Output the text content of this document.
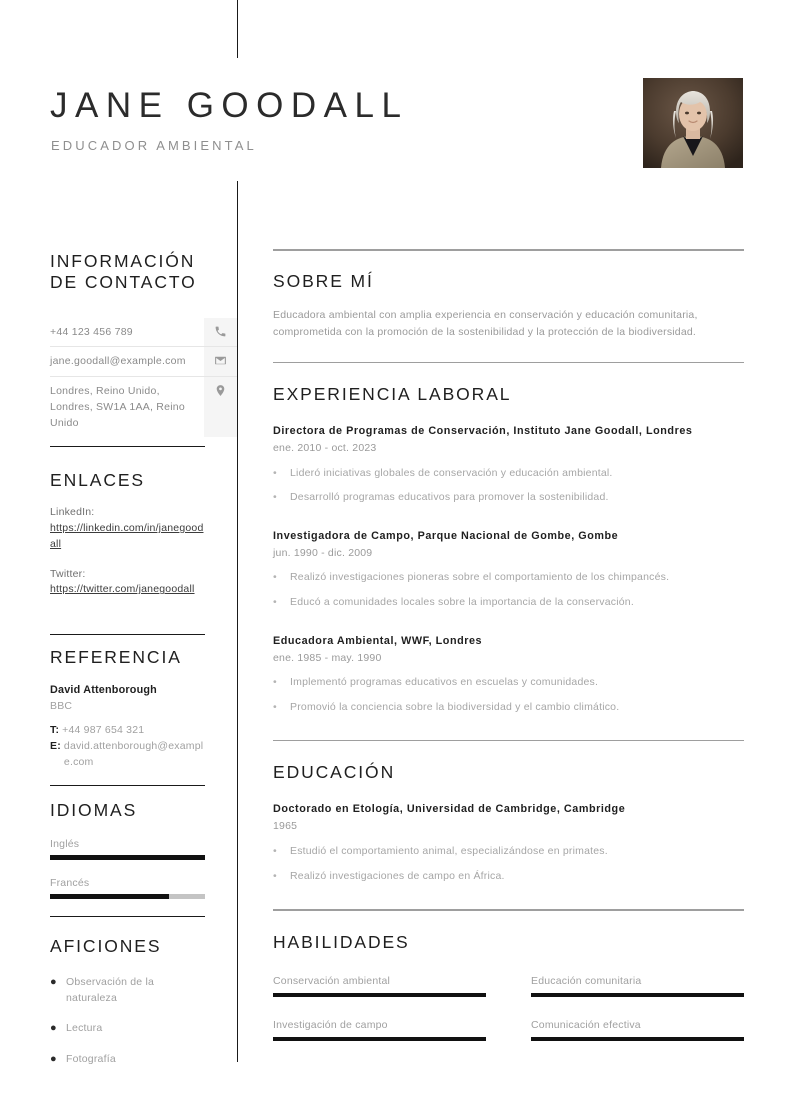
JANE GOODALL
EDUCADOR AMBIENTAL
INFORMACIÓN
DE CONTACTO
+44 123 456 789
jane.goodall@example.com
Londres, Reino Unido, Londres, SW1A 1AA, Reino Unido
ENLACES
LinkedIn:
https://linkedin.com/in/janegoodall
Twitter:
https://twitter.com/janegoodall
REFERENCIA
David Attenborough
BBC
T: +44 987 654 321
E: david.attenborough@example.com
IDIOMAS
Inglés
Francés
AFICIONES
● Observación de la naturaleza
● Lectura
● Fotografía
SOBRE MÍ
Educadora ambiental con amplia experiencia en conservación y educación comunitaria, comprometida con la promoción de la sostenibilidad y la protección de la biodiversidad.
EXPERIENCIA LABORAL
Directora de Programas de Conservación, Instituto Jane Goodall, Londres
ene. 2010 - oct. 2023
•	Lideró iniciativas globales de conservación y educación ambiental.
•	Desarrolló programas educativos para promover la sostenibilidad.
Investigadora de Campo, Parque Nacional de Gombe, Gombe
jun. 1990 - dic. 2009
•	Realizó investigaciones pioneras sobre el comportamiento de los chimpancés.
•	Educó a comunidades locales sobre la importancia de la conservación.
Educadora Ambiental, WWF, Londres
ene. 1985 - may. 1990
•	Implementó programas educativos en escuelas y comunidades.
•	Promovió la conciencia sobre la biodiversidad y el cambio climático.
EDUCACIÓN
Doctorado en Etología, Universidad de Cambridge, Cambridge
1965
•	Estudió el comportamiento animal, especializándose en primates.
•	Realizó investigaciones de campo en África.
HABILIDADES
Conservación ambiental	Educación comunitaria
Investigación de campo	Comunicación efectiva
